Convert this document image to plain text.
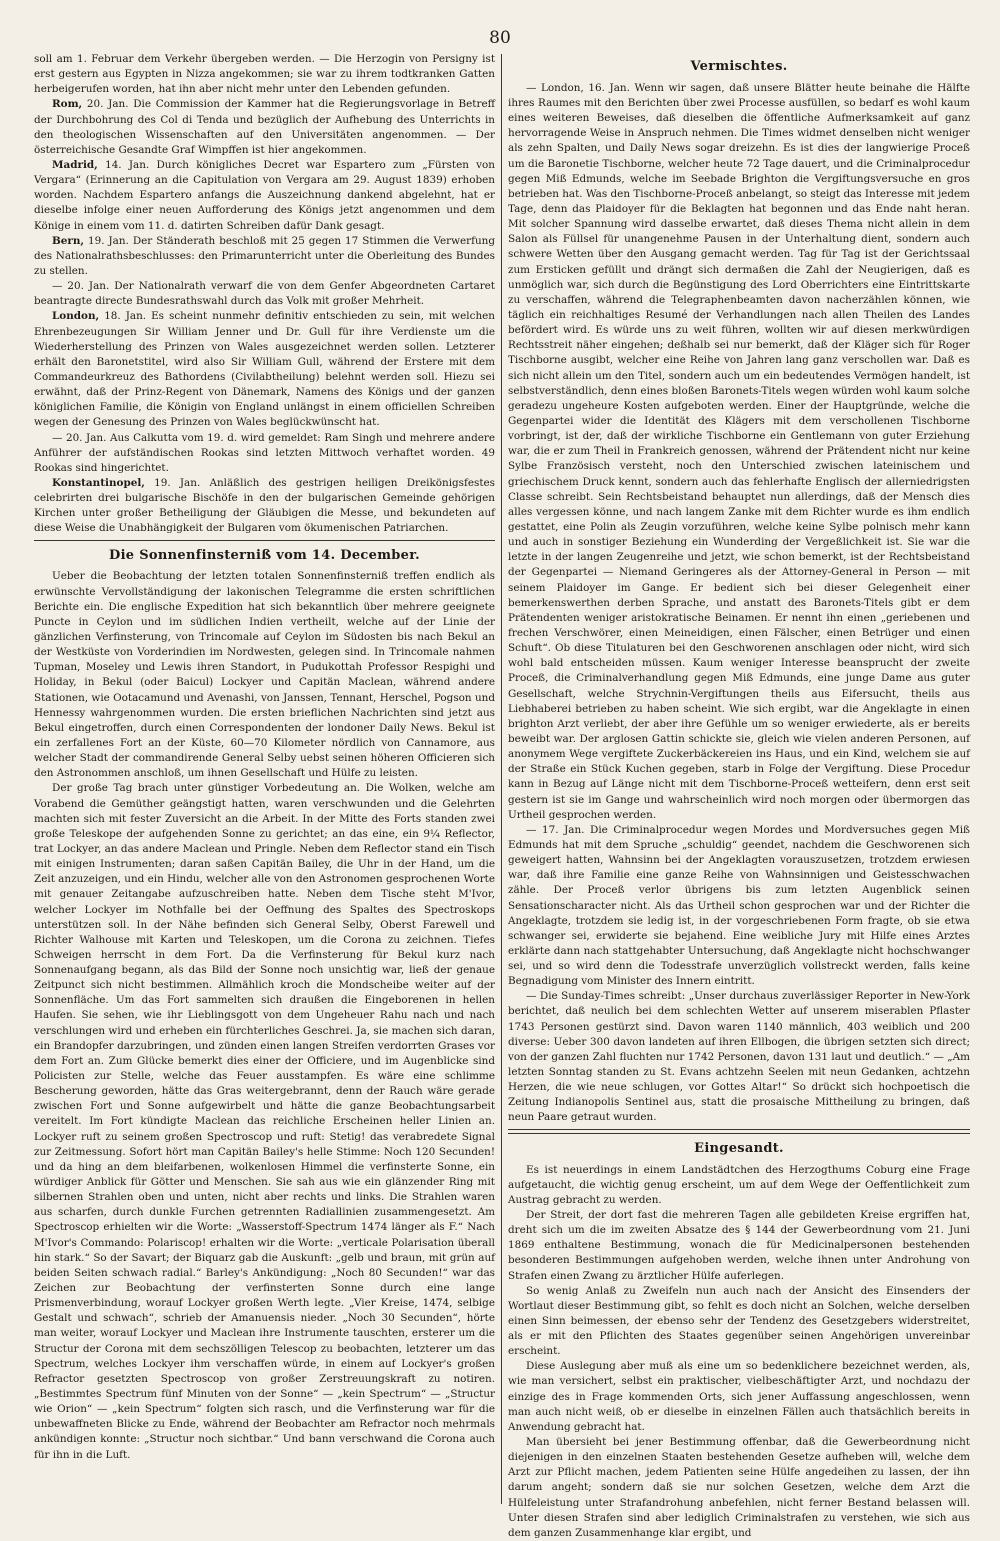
80

soll am 1. Februar dem Verkehr übergeben werden. — Die Herzogin von Persigny ist erst gestern aus Egypten in Nizza angekommen; sie war zu ihrem todtkranken Gatten herbeigerufen worden, hat ihn aber nicht mehr unter den Lebenden gefunden.

Rom, 20. Jan. Die Commission der Kammer hat die Regierungsvorlage in Betreff der Durchbohrung des Col di Tenda und bezüglich der Aufhebung des Unterrichts in den theologischen Wissenschaften auf den Universitäten angenommen. — Der österreichische Gesandte Graf Wimpffen ist hier angekommen.

Madrid, 14. Jan. Durch königliches Decret war Espartero zum „Fürsten von Vergara“ (Erinnerung an die Capitulation von Vergara am 29. August 1839) erhoben worden. Nachdem Espartero anfangs die Auszeichnung dankend abgelehnt, hat er dieselbe infolge einer neuen Aufforderung des Königs jetzt angenommen und dem Könige in einem vom 11. d. datirten Schreiben dafür Dank gesagt.

Bern, 19. Jan. Der Ständerath beschloß mit 25 gegen 17 Stimmen die Verwerfung des Nationalrathsbeschlusses: den Primarunterricht unter die Oberleitung des Bundes zu stellen.

— 20. Jan. Der Nationalrath verwarf die von dem Genfer Abgeordneten Cartaret beantragte directe Bundesrathswahl durch das Volk mit großer Mehrheit.

London, 18. Jan. Es scheint nunmehr definitiv entschieden zu sein, mit welchen Ehrenbezeugungen Sir William Jenner und Dr. Gull für ihre Verdienste um die Wiederherstellung des Prinzen von Wales ausgezeichnet werden sollen. Letzterer erhält den Baronetstitel, wird also Sir William Gull, während der Erstere mit dem Commandeurkreuz des Bathordens (Civilabtheilung) belehnt werden soll. Hiezu sei erwähnt, daß der Prinz-Regent von Dänemark, Namens des Königs und der ganzen königlichen Familie, die Königin von England unlängst in einem officiellen Schreiben wegen der Genesung des Prinzen von Wales beglückwünscht hat.

— 20. Jan. Aus Calkutta vom 19. d. wird gemeldet: Ram Singh und mehrere andere Anführer der aufständischen Rookas sind letzten Mittwoch verhaftet worden. 49 Rookas sind hingerichtet.

Konstantinopel, 19. Jan. Anläßlich des gestrigen heiligen Dreikönigsfestes celebrirten drei bulgarische Bischöfe in den der bulgarischen Gemeinde gehörigen Kirchen unter großer Betheiligung der Gläubigen die Messe, und bekundeten auf diese Weise die Unabhängigkeit der Bulgaren vom ökumenischen Patriarchen.

Die Sonnenfinsterniß vom 14. December.

Ueber die Beobachtung der letzten totalen Sonnenfinsterniß treffen endlich als erwünschte Vervollständigung der lakonischen Telegramme die ersten schriftlichen Berichte ein. Die englische Expedition hat sich bekanntlich über mehrere geeignete Puncte in Ceylon und im südlichen Indien vertheilt, welche auf der Linie der gänzlichen Verfinsterung, von Trincomale auf Ceylon im Südosten bis nach Bekul an der Westküste von Vorderindien im Nordwesten, gelegen sind. In Trincomale nahmen Tupman, Moseley und Lewis ihren Standort, in Pudukottah Professor Respighi und Holiday, in Bekul (oder Baicul) Lockyer und Capitän Maclean, während andere Stationen, wie Ootacamund und Avenashi, von Janssen, Tennant, Herschel, Pogson und Hennessy wahrgenommen wurden. Die ersten brieflichen Nachrichten sind jetzt aus Bekul eingetroffen, durch einen Correspondenten der londoner Daily News. Bekul ist ein zerfallenes Fort an der Küste, 60—70 Kilometer nördlich von Cannamore, aus welcher Stadt der commandirende General Selby uebst seinen höheren Officieren sich den Astronommen anschloß, um ihnen Gesellschaft und Hülfe zu leisten.

Der große Tag brach unter günstiger Vorbedeutung an. Die Wolken, welche am Vorabend die Gemüther geängstigt hatten, waren verschwunden und die Gelehrten machten sich mit fester Zuversicht an die Arbeit. In der Mitte des Forts standen zwei große Teleskope der aufgehenden Sonne zu gerichtet; an das eine, ein 9¼ Reflector, trat Lockyer, an das andere Maclean und Pringle. Neben dem Reflector stand ein Tisch mit einigen Instrumenten; daran saßen Capitän Bailey, die Uhr in der Hand, um die Zeit anzuzeigen, und ein Hindu, welcher alle von den Astronomen gesprochenen Worte mit genauer Zeitangabe aufzuschreiben hatte. Neben dem Tische steht M'Ivor, welcher Lockyer im Nothfalle bei der Oeffnung des Spaltes des Spectroskops unterstützen soll. In der Nähe befinden sich General Selby, Oberst Farewell und Richter Walhouse mit Karten und Teleskopen, um die Corona zu zeichnen. Tiefes Schweigen herrscht in dem Fort. Da die Verfinsterung für Bekul kurz nach Sonnenaufgang begann, als das Bild der Sonne noch unsichtig war, ließ der genaue Zeitpunct sich nicht bestimmen. Allmählich kroch die Mondscheibe weiter auf der Sonnenfläche. Um das Fort sammelten sich draußen die Eingeborenen in hellen Haufen. Sie sehen, wie ihr Lieblingsgott von dem Ungeheuer Rahu nach und nach verschlungen wird und erheben ein fürchterliches Geschrei. Ja, sie machen sich daran, ein Brandopfer darzubringen, und zünden einen langen Streifen verdorrten Grases vor dem Fort an. Zum Glücke bemerkt dies einer der Officiere, und im Augenblicke sind Policisten zur Stelle, welche das Feuer ausstampfen. Es wäre eine schlimme Bescherung geworden, hätte das Gras weitergebrannt, denn der Rauch wäre gerade zwischen Fort und Sonne aufgewirbelt und hätte die ganze Beobachtungsarbeit vereitelt. Im Fort kündigte Maclean das reichliche Erscheinen heller Linien an. Lockyer ruft zu seinem großen Spectroscop und ruft: Stetig! das verabredete Signal zur Zeitmessung. Sofort hört man Capitän Bailey's helle Stimme: Noch 120 Secunden! und da hing an dem bleifarbenen, wolkenlosen Himmel die verfinsterte Sonne, ein würdiger Anblick für Götter und Menschen. Sie sah aus wie ein glänzender Ring mit silbernen Strahlen oben und unten, nicht aber rechts und links. Die Strahlen waren aus scharfen, durch dunkle Furchen getrennten Radiallinien zusammengesetzt. Am Spectroscop erhielten wir die Worte: „Wasserstoff-Spectrum 1474 länger als F.“ Nach M'Ivor's Commando: Polariscop! erhalten wir die Worte: „verticale Polarisation überall hin stark.“ So der Savart; der Biquarz gab die Auskunft: „gelb und braun, mit grün auf beiden Seiten schwach radial.“ Barley's Ankündigung: „Noch 80 Secunden!“ war das Zeichen zur Beobachtung der verfinsterten Sonne durch eine lange Prismenverbindung, worauf Lockyer großen Werth legte. „Vier Kreise, 1474, selbige Gestalt und schwach“, schrieb der Amanuensis nieder. „Noch 30 Secunden“, hörte man weiter, worauf Lockyer und Maclean ihre Instrumente tauschten, ersterer um die Structur der Corona mit dem sechszölligen Telescop zu beobachten, letzterer um das Spectrum, welches Lockyer ihm verschaffen würde, in einem auf Lockyer's großen Refractor gesetzten Spectroscop von großer Zerstreuungskraft zu notiren. „Bestimmtes Spectrum fünf Minuten von der Sonne“ — „kein Spectrum“ — „Structur wie Orion“ — „kein Spectrum“ folgten sich rasch, und die Verfinsterung war für die unbewaffneten Blicke zu Ende, während der Beobachter am Refractor noch mehrmals ankündigen konnte: „Structur noch sichtbar.“ Und bann verschwand die Corona auch für ihn in die Luft.

Vermischtes.

— London, 16. Jan. Wenn wir sagen, daß unsere Blätter heute beinahe die Hälfte ihres Raumes mit den Berichten über zwei Processe ausfüllen, so bedarf es wohl kaum eines weiteren Beweises, daß dieselben die öffentliche Aufmerksamkeit auf ganz hervorragende Weise in Anspruch nehmen. Die Times widmet denselben nicht weniger als zehn Spalten, und Daily News sogar dreizehn. Es ist dies der langwierige Proceß um die Baronetie Tischborne, welcher heute 72 Tage dauert, und die Criminalprocedur gegen Miß Edmunds, welche im Seebade Brighton die Vergiftungsversuche en gros betrieben hat. Was den Tischborne-Proceß anbelangt, so steigt das Interesse mit jedem Tage, denn das Plaidoyer für die Beklagten hat begonnen und das Ende naht heran. Mit solcher Spannung wird dasselbe erwartet, daß dieses Thema nicht allein in dem Salon als Füllsel für unangenehme Pausen in der Unterhaltung dient, sondern auch schwere Wetten über den Ausgang gemacht werden. Tag für Tag ist der Gerichtssaal zum Ersticken gefüllt und drängt sich dermaßen die Zahl der Neugierigen, daß es unmöglich war, sich durch die Begünstigung des Lord Oberrichters eine Eintrittskarte zu verschaffen, während die Telegraphenbeamten davon nacherzählen können, wie täglich ein reichhaltiges Resumé der Verhandlungen nach allen Theilen des Landes befördert wird. Es würde uns zu weit führen, wollten wir auf diesen merkwürdigen Rechtsstreit näher eingehen; deßhalb sei nur bemerkt, daß der Kläger sich für Roger Tischborne ausgibt, welcher eine Reihe von Jahren lang ganz verschollen war. Daß es sich nicht allein um den Titel, sondern auch um ein bedeutendes Vermögen handelt, ist selbstverständlich, denn eines bloßen Baronets-Titels wegen würden wohl kaum solche geradezu ungeheure Kosten aufgeboten werden. Einer der Hauptgründe, welche die Gegenpartei wider die Identität des Klägers mit dem verschollenen Tischborne vorbringt, ist der, daß der wirkliche Tischborne ein Gentlemann von guter Erziehung war, die er zum Theil in Frankreich genossen, während der Prätendent nicht nur keine Sylbe Französisch versteht, noch den Unterschied zwischen lateinischem und griechischem Druck kennt, sondern auch das fehlerhafte Englisch der allerniedrigsten Classe schreibt. Sein Rechtsbeistand behauptet nun allerdings, daß der Mensch dies alles vergessen könne, und nach langem Zanke mit dem Richter wurde es ihm endlich gestattet, eine Polin als Zeugin vorzuführen, welche keine Sylbe polnisch mehr kann und auch in sonstiger Beziehung ein Wunderding der Vergeßlichkeit ist. Sie war die letzte in der langen Zeugenreihe und jetzt, wie schon bemerkt, ist der Rechtsbeistand der Gegenpartei — Niemand Geringeres als der Attorney-General in Person — mit seinem Plaidoyer im Gange. Er bedient sich bei dieser Gelegenheit einer bemerkenswerthen derben Sprache, und anstatt des Baronets-Titels gibt er dem Prätendenten weniger aristokratische Beinamen. Er nennt ihn einen „geriebenen und frechen Verschwörer, einen Meineidigen, einen Fälscher, einen Betrüger und einen Schuft“. Ob diese Titulaturen bei den Geschworenen anschlagen oder nicht, wird sich wohl bald entscheiden müssen. Kaum weniger Interesse beansprucht der zweite Proceß, die Criminalverhandlung gegen Miß Edmunds, eine junge Dame aus guter Gesellschaft, welche Strychnin-Vergiftungen theils aus Eifersucht, theils aus Liebhaberei betrieben zu haben scheint. Wie sich ergibt, war die Angeklagte in einen brighton Arzt verliebt, der aber ihre Gefühle um so weniger erwiederte, als er bereits beweibt war. Der arglosen Gattin schickte sie, gleich wie vielen anderen Personen, auf anonymem Wege vergiftete Zuckerbäckereien ins Haus, und ein Kind, welchem sie auf der Straße ein Stück Kuchen gegeben, starb in Folge der Vergiftung. Diese Procedur kann in Bezug auf Länge nicht mit dem Tischborne-Proceß wetteifern, denn erst seit gestern ist sie im Gange und wahrscheinlich wird noch morgen oder übermorgen das Urtheil gesprochen werden.

— 17. Jan. Die Criminalprocedur wegen Mordes und Mordversuches gegen Miß Edmunds hat mit dem Spruche „schuldig“ geendet, nachdem die Geschworenen sich geweigert hatten, Wahnsinn bei der Angeklagten vorauszusetzen, trotzdem erwiesen war, daß ihre Familie eine ganze Reihe von Wahnsinnigen und Geistesschwachen zähle. Der Proceß verlor übrigens bis zum letzten Augenblick seinen Sensationscharacter nicht. Als das Urtheil schon gesprochen war und der Richter die Angeklagte, trotzdem sie ledig ist, in der vorgeschriebenen Form fragte, ob sie etwa schwanger sei, erwiderte sie bejahend. Eine weibliche Jury mit Hilfe eines Arztes erklärte dann nach stattgehabter Untersuchung, daß Angeklagte nicht hochschwanger sei, und so wird denn die Todesstrafe unverzüglich vollstreckt werden, falls keine Begnadigung vom Minister des Innern eintritt.

— Die Sunday-Times schreibt: „Unser durchaus zuverlässiger Reporter in New-York berichtet, daß neulich bei dem schlechten Wetter auf unserem miserablen Pflaster 1743 Personen gestürzt sind. Davon waren 1140 männlich, 403 weiblich und 200 diverse: Ueber 300 davon landeten auf ihren Ellbogen, die übrigen setzten sich direct; von der ganzen Zahl fluchten nur 1742 Personen, davon 131 laut und deutlich.“ — „Am letzten Sonntag standen zu St. Evans achtzehn Seelen mit neun Gedanken, achtzehn Herzen, die wie neue schlugen, vor Gottes Altar!“ So drückt sich hochpoetisch die Zeitung Indianopolis Sentinel aus, statt die prosaische Mittheilung zu bringen, daß neun Paare getraut wurden.

Eingesandt.

Es ist neuerdings in einem Landstädtchen des Herzogthums Coburg eine Frage aufgetaucht, die wichtig genug erscheint, um auf dem Wege der Oeffentlichkeit zum Austrag gebracht zu werden.

Der Streit, der dort fast die mehreren Tagen alle gebildeten Kreise ergriffen hat, dreht sich um die im zweiten Absatze des § 144 der Gewerbeordnung vom 21. Juni 1869 enthaltene Bestimmung, wonach die für Medicinalpersonen bestehenden besonderen Bestimmungen aufgehoben werden, welche ihnen unter Androhung von Strafen einen Zwang zu ärztlicher Hülfe auferlegen.

So wenig Anlaß zu Zweifeln nun auch nach der Ansicht des Einsenders der Wortlaut dieser Bestimmung gibt, so fehlt es doch nicht an Solchen, welche derselben einen Sinn beimessen, der ebenso sehr der Tendenz des Gesetzgebers widerstreitet, als er mit den Pflichten des Staates gegenüber seinen Angehörigen unvereinbar erscheint.

Diese Auslegung aber muß als eine um so bedenklichere bezeichnet werden, als, wie man versichert, selbst ein praktischer, vielbeschäftigter Arzt, und nochdazu der einzige des in Frage kommenden Orts, sich jener Auffassung angeschlossen, wenn man auch nicht weiß, ob er dieselbe in einzelnen Fällen auch thatsächlich bereits in Anwendung gebracht hat.

Man übersieht bei jener Bestimmung offenbar, daß die Gewerbeordnung nicht diejenigen in den einzelnen Staaten bestehenden Gesetze aufheben will, welche dem Arzt zur Pflicht machen, jedem Patienten seine Hülfe angedeihen zu lassen, der ihn darum angeht; sondern daß sie nur solchen Gesetzen, welche dem Arzt die Hülfeleistung unter Strafandrohung anbefehlen, nicht ferner Bestand belassen will. Unter diesen Strafen sind aber lediglich Criminalstrafen zu verstehen, wie sich aus dem ganzen Zusammenhange klar ergibt, und
